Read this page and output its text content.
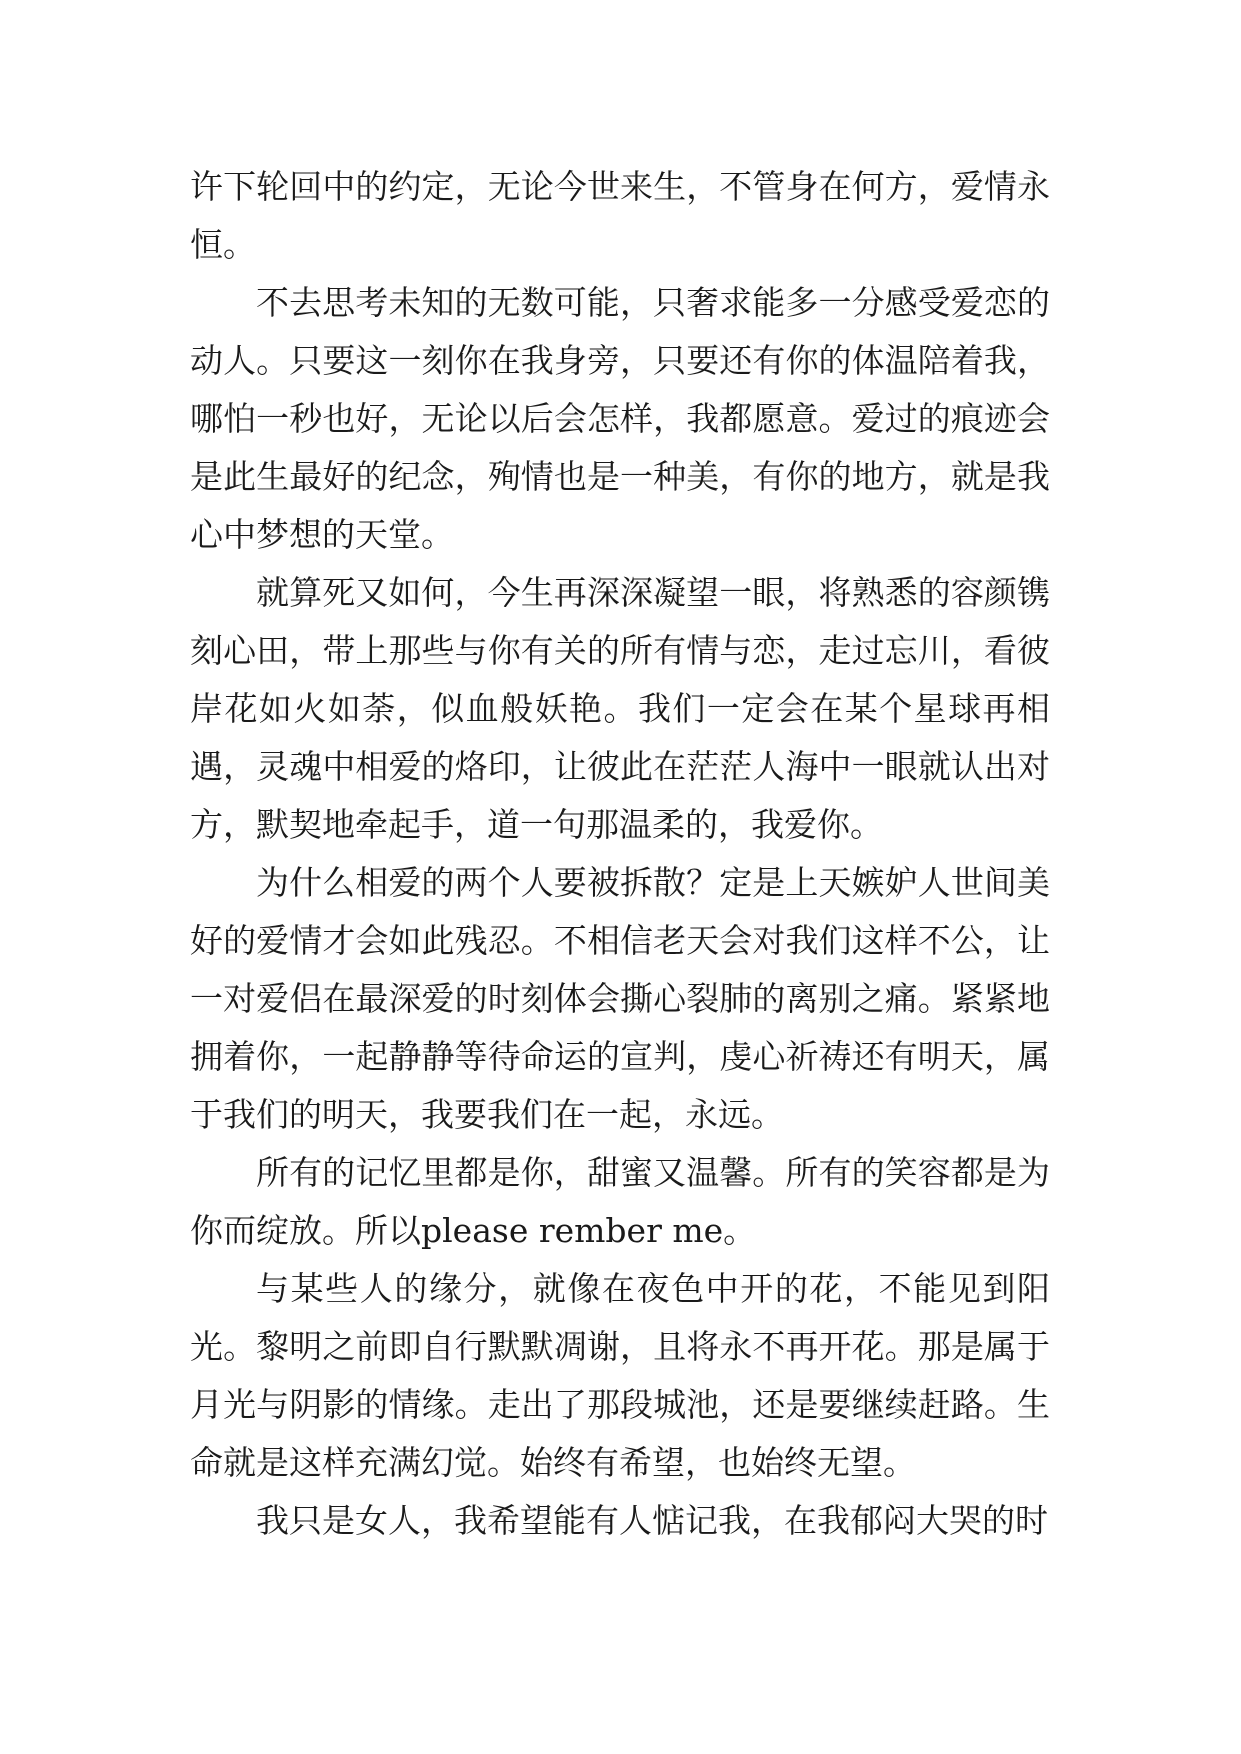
许下轮回中的约定，无论今世来生，不管身在何方，爱情永恒。

不去思考未知的无数可能，只奢求能多一分感受爱恋的动人。只要这一刻你在我身旁，只要还有你的体温陪着我，哪怕一秒也好，无论以后会怎样，我都愿意。爱过的痕迹会是此生最好的纪念，殉情也是一种美，有你的地方，就是我心中梦想的天堂。

就算死又如何，今生再深深凝望一眼，将熟悉的容颜镌刻心田，带上那些与你有关的所有情与恋，走过忘川，看彼岸花如火如荼，似血般妖艳。我们一定会在某个星球再相遇，灵魂中相爱的烙印，让彼此在茫茫人海中一眼就认出对方，默契地牵起手，道一句那温柔的，我爱你。

为什么相爱的两个人要被拆散？定是上天嫉妒人世间美好的爱情才会如此残忍。不相信老天会对我们这样不公，让一对爱侣在最深爱的时刻体会撕心裂肺的离别之痛。紧紧地拥着你，一起静静等待命运的宣判，虔心祈祷还有明天，属于我们的明天，我要我们在一起，永远。

所有的记忆里都是你，甜蜜又温馨。所有的笑容都是为你而绽放。所以please rember me。

与某些人的缘分，就像在夜色中开的花，不能见到阳光。黎明之前即自行默默凋谢，且将永不再开花。那是属于月光与阴影的情缘。走出了那段城池，还是要继续赶路。生命就是这样充满幻觉。始终有希望，也始终无望。

我只是女人，我希望能有人惦记我，在我郁闷大哭的时
